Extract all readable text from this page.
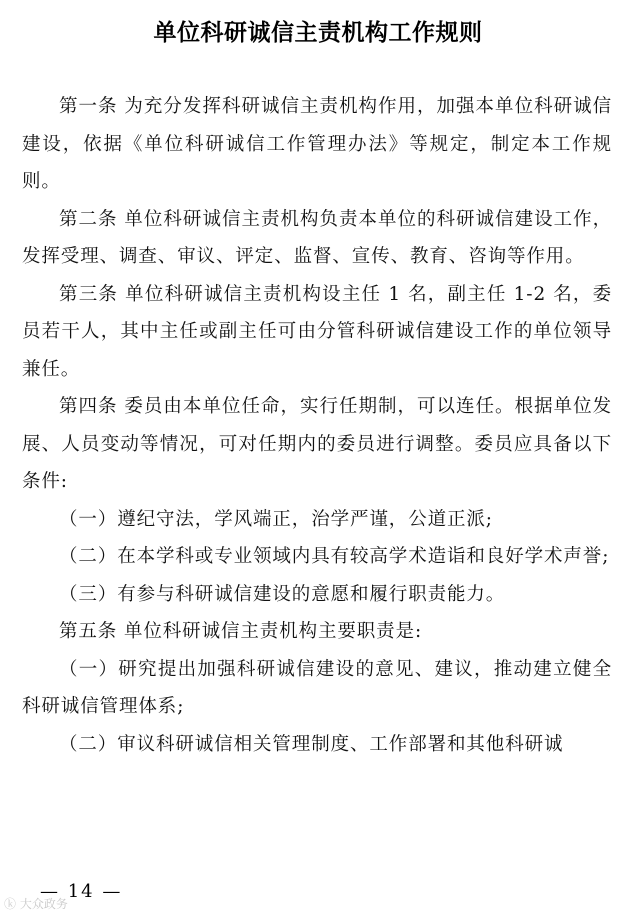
单位科研诚信主责机构工作规则

第一条 为充分发挥科研诚信主责机构作用，加强本单位科研诚信建设，依据《单位科研诚信工作管理办法》等规定，制定本工作规则。

第二条 单位科研诚信主责机构负责本单位的科研诚信建设工作，发挥受理、调查、审议、评定、监督、宣传、教育、咨询等作用。

第三条 单位科研诚信主责机构设主任 1 名，副主任 1-2 名，委员若干人，其中主任或副主任可由分管科研诚信建设工作的单位领导兼任。

第四条 委员由本单位任命，实行任期制，可以连任。根据单位发展、人员变动等情况，可对任期内的委员进行调整。委员应具备以下条件:

（一）遵纪守法，学风端正，治学严谨，公道正派;

（二）在本学科或专业领域内具有较高学术造诣和良好学术声誉;

（三）有参与科研诚信建设的意愿和履行职责能力。

第五条 单位科研诚信主责机构主要职责是:

（一）研究提出加强科研诚信建设的意见、建议，推动建立健全科研诚信管理体系;

（二）审议科研诚信相关管理制度、工作部署和其他科研诚

— 14 —
ⓚ 大众政务
